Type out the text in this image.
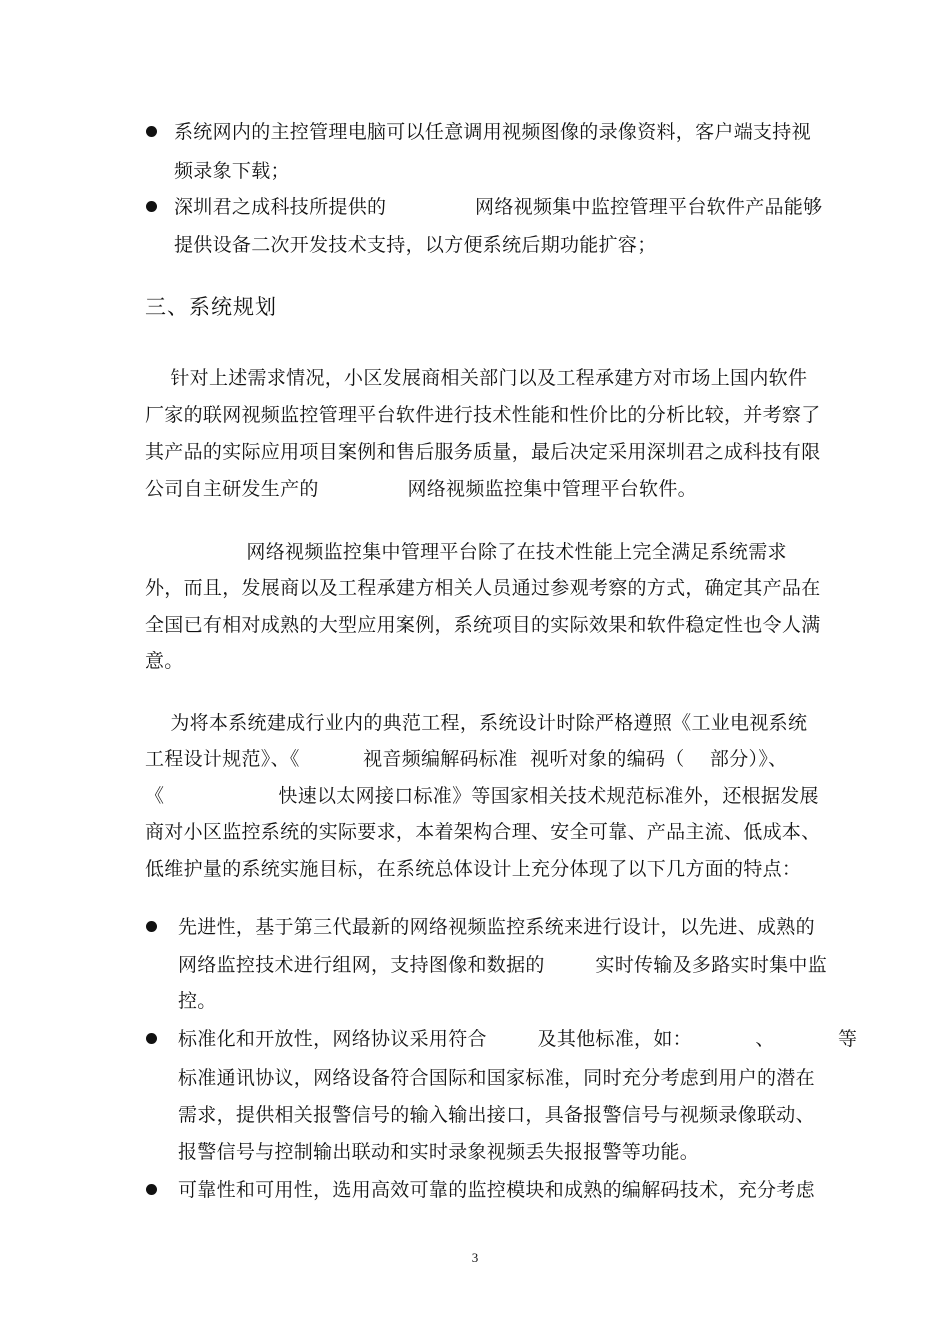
系统网内的主控管理电脑可以任意调用视频图像的录像资料，客户端支持视
频录象下载；
深圳君之成科技所提供的              网络视频集中监控管理平台软件产品能够
提供设备二次开发技术支持，以方便系统后期功能扩容；
三、系统规划
针对上述需求情况，小区发展商相关部门以及工程承建方对市场上国内软件
厂家的联网视频监控管理平台软件进行技术性能和性价比的分析比较，并考察了
其产品的实际应用项目案例和售后服务质量，最后决定采用深圳君之成科技有限
公司自主研发生产的              网络视频监控集中管理平台软件。
网络视频监控集中管理平台除了在技术性能上完全满足系统需求
外，而且，发展商以及工程承建方相关人员通过参观考察的方式，确定其产品在
全国已有相对成熟的大型应用案例，系统项目的实际效果和软件稳定性也令人满
意。
为将本系统建成行业内的典范工程，系统设计时除严格遵照《工业电视系统
工程设计规范》、《          视音频编解码标准  视听对象的编码（    部分）》、
《                  快速以太网接口标准》等国家相关技术规范标准外，还根据发展
商对小区监控系统的实际要求，本着架构合理、安全可靠、产品主流、低成本、
低维护量的系统实施目标，在系统总体设计上充分体现了以下几方面的特点：
先进性，基于第三代最新的网络视频监控系统来进行设计，以先进、成熟的
网络监控技术进行组网，支持图像和数据的        实时传输及多路实时集中监
控。
标准化和开放性，网络协议采用符合        及其他标准，如：          、          等
标准通讯协议，网络设备符合国际和国家标准，同时充分考虑到用户的潜在
需求，提供相关报警信号的输入输出接口，具备报警信号与视频录像联动、
报警信号与控制输出联动和实时录象视频丢失报报警等功能。
可靠性和可用性，选用高效可靠的监控模块和成熟的编解码技术，充分考虑
3
